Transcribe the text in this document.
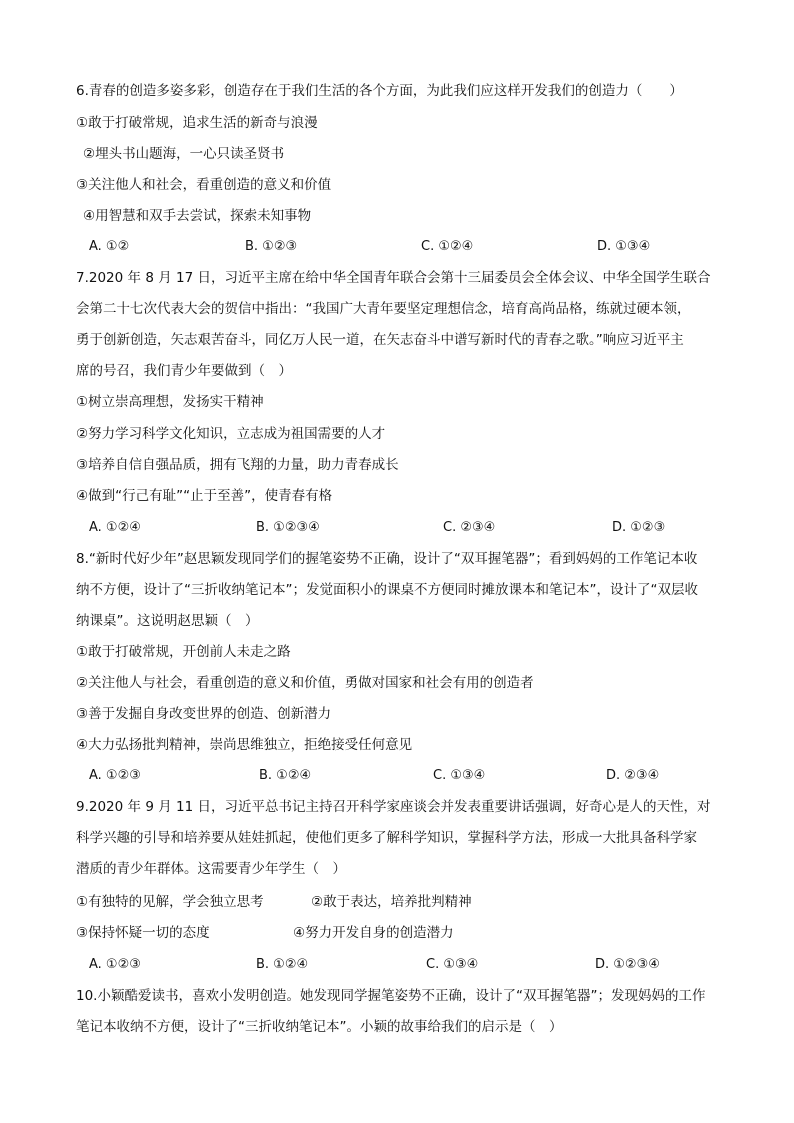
6.青春的创造多姿多彩，创造存在于我们生活的各个方面，为此我们应这样开发我们的创造力（　　）
①敢于打破常规，追求生活的新奇与浪漫
②埋头书山题海，一心只读圣贤书
③关注他人和社会，看重创造的意义和价值
④用智慧和双手去尝试，探索未知事物
A. ①②	B. ①②③	C. ①②④	D. ①③④
7.2020 年 8 月 17 日，习近平主席在给中华全国青年联合会第十三届委员会全体会议、中华全国学生联合
会第二十七次代表大会的贺信中指出：“我国广大青年要坚定理想信念，培育高尚品格，练就过硬本领，
勇于创新创造，矢志艰苦奋斗，同亿万人民一道，在矢志奋斗中谱写新时代的青春之歌。”响应习近平主
席的号召，我们青少年要做到（　）
①树立崇高理想，发扬实干精神
②努力学习科学文化知识，立志成为祖国需要的人才
③培养自信自强品质，拥有飞翔的力量，助力青春成长
④做到“行己有耻”“止于至善”，使青春有格
A. ①②④	B. ①②③④	C. ②③④	D. ①②③
8.“新时代好少年”赵思颖发现同学们的握笔姿势不正确，设计了“双耳握笔器”；看到妈妈的工作笔记本收
纳不方便，设计了“三折收纳笔记本”；发觉面积小的课桌不方便同时摊放课本和笔记本”，设计了“双层收
纳课桌”。这说明赵思颖（　）
①敢于打破常规，开创前人未走之路
②关注他人与社会，看重创造的意义和价值，勇做对国家和社会有用的创造者
③善于发掘自身改变世界的创造、创新潜力
④大力弘扬批判精神，崇尚思维独立，拒绝接受任何意见
A. ①②③	B. ①②④	C. ①③④	D. ②③④
9.2020 年 9 月 11 日，习近平总书记主持召开科学家座谈会并发表重要讲话强调，好奇心是人的天性，对
科学兴趣的引导和培养要从娃娃抓起，使他们更多了解科学知识，掌握科学方法，形成一大批具备科学家
潜质的青少年群体。这需要青少年学生（　）
①有独特的见解，学会独立思考	②敢于表达，培养批判精神
③保持怀疑一切的态度	④努力开发自身的创造潜力
A. ①②③	B. ①②④	C. ①③④	D. ①②③④
10.小颖酷爱读书，喜欢小发明创造。她发现同学握笔姿势不正确，设计了“双耳握笔器”；发现妈妈的工作
笔记本收纳不方便，设计了“三折收纳笔记本”。小颖的故事给我们的启示是（　）
